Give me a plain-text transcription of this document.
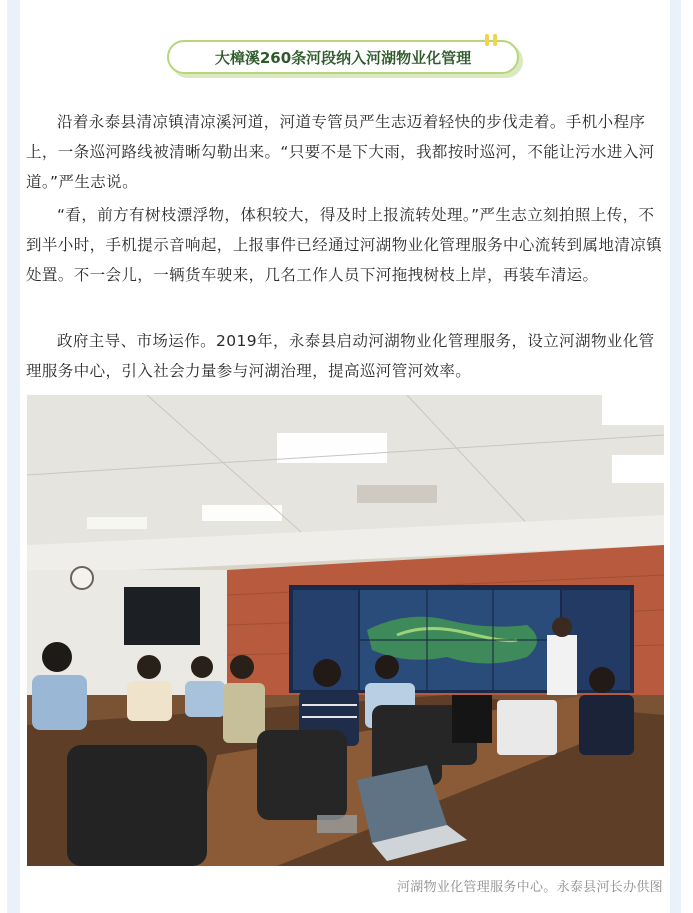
大樟溪260条河段纳入河湖物业化管理

沿着永泰县清凉镇清凉溪河道，河道专管员严生志迈着轻快的步伐走着。手机小程序上，一条巡河路线被清晰勾勒出来。“只要不是下大雨，我都按时巡河，不能让污水进入河道。”严生志说。

“看，前方有树枝漂浮物，体积较大，得及时上报流转处理。”严生志立刻拍照上传，不到半小时，手机提示音响起，上报事件已经通过河湖物业化管理服务中心流转到属地清凉镇处置。不一会儿，一辆货车驶来，几名工作人员下河拖拽树枝上岸，再装车清运。

政府主导、市场运作。2019年，永泰县启动河湖物业化管理服务，设立河湖物业化管理服务中心，引入社会力量参与河湖治理，提高巡河管河效率。

河湖物业化管理服务中心。永泰县河长办供图
